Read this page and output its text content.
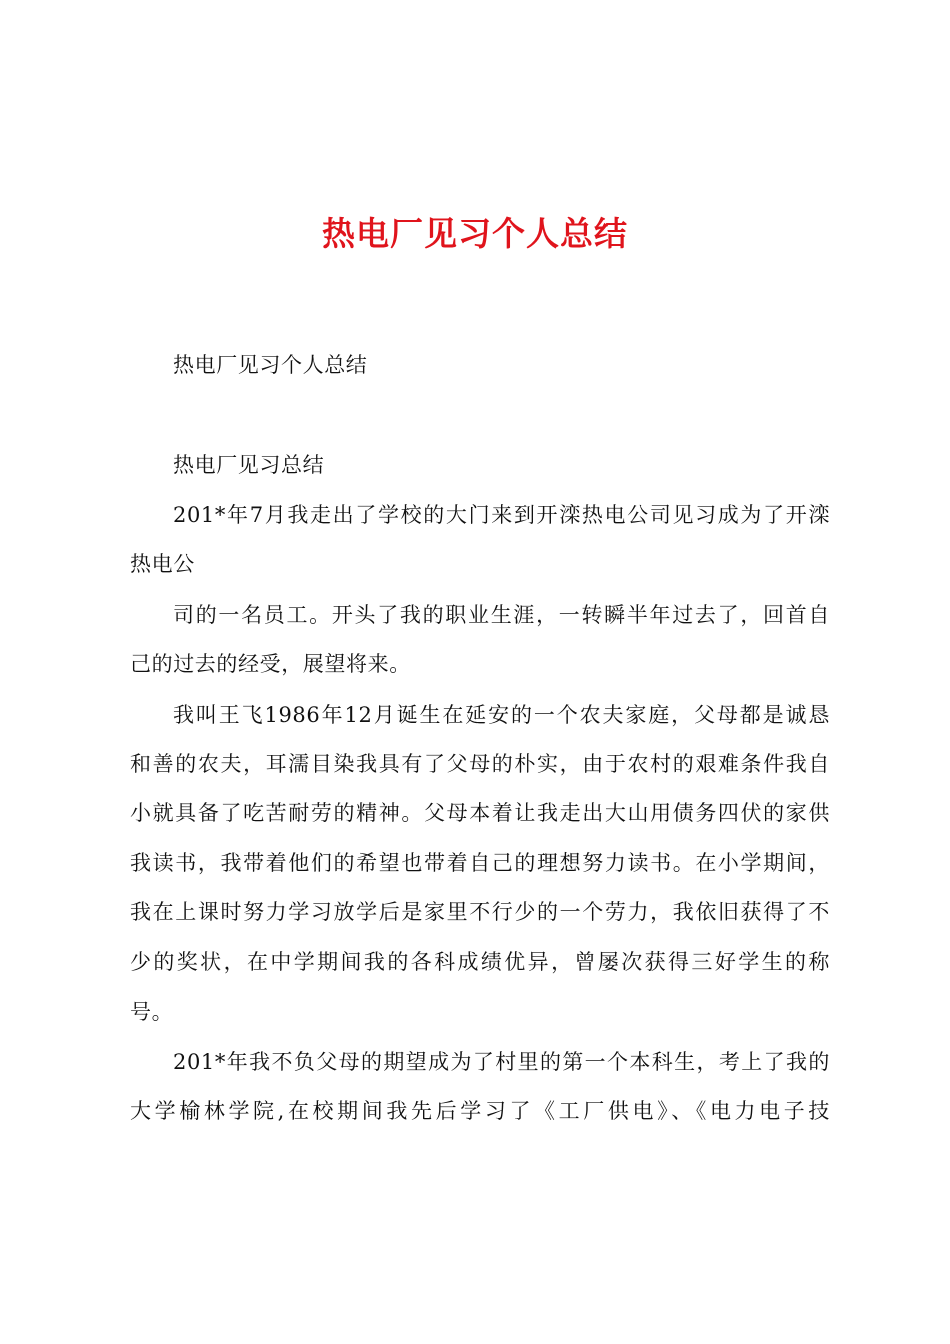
热电厂见习个人总结

热电厂见习个人总结

热电厂见习总结

201*年7月我走出了学校的大门来到开滦热电公司见习成为了开滦

热电公

司的一名员工。开头了我的职业生涯，一转瞬半年过去了，回首自

己的过去的经受，展望将来。

我叫王飞1986年12月诞生在延安的一个农夫家庭，父母都是诚恳

和善的农夫，耳濡目染我具有了父母的朴实，由于农村的艰难条件我自

小就具备了吃苦耐劳的精神。父母本着让我走出大山用债务四伏的家供

我读书，我带着他们的希望也带着自己的理想努力读书。在小学期间，

我在上课时努力学习放学后是家里不行少的一个劳力，我依旧获得了不

少的奖状，在中学期间我的各科成绩优异，曾屡次获得三好学生的称

号。

201*年我不负父母的期望成为了村里的第一个本科生，考上了我的

大学榆林学院,在校期间我先后学习了《工厂供电》、《电力电子技
